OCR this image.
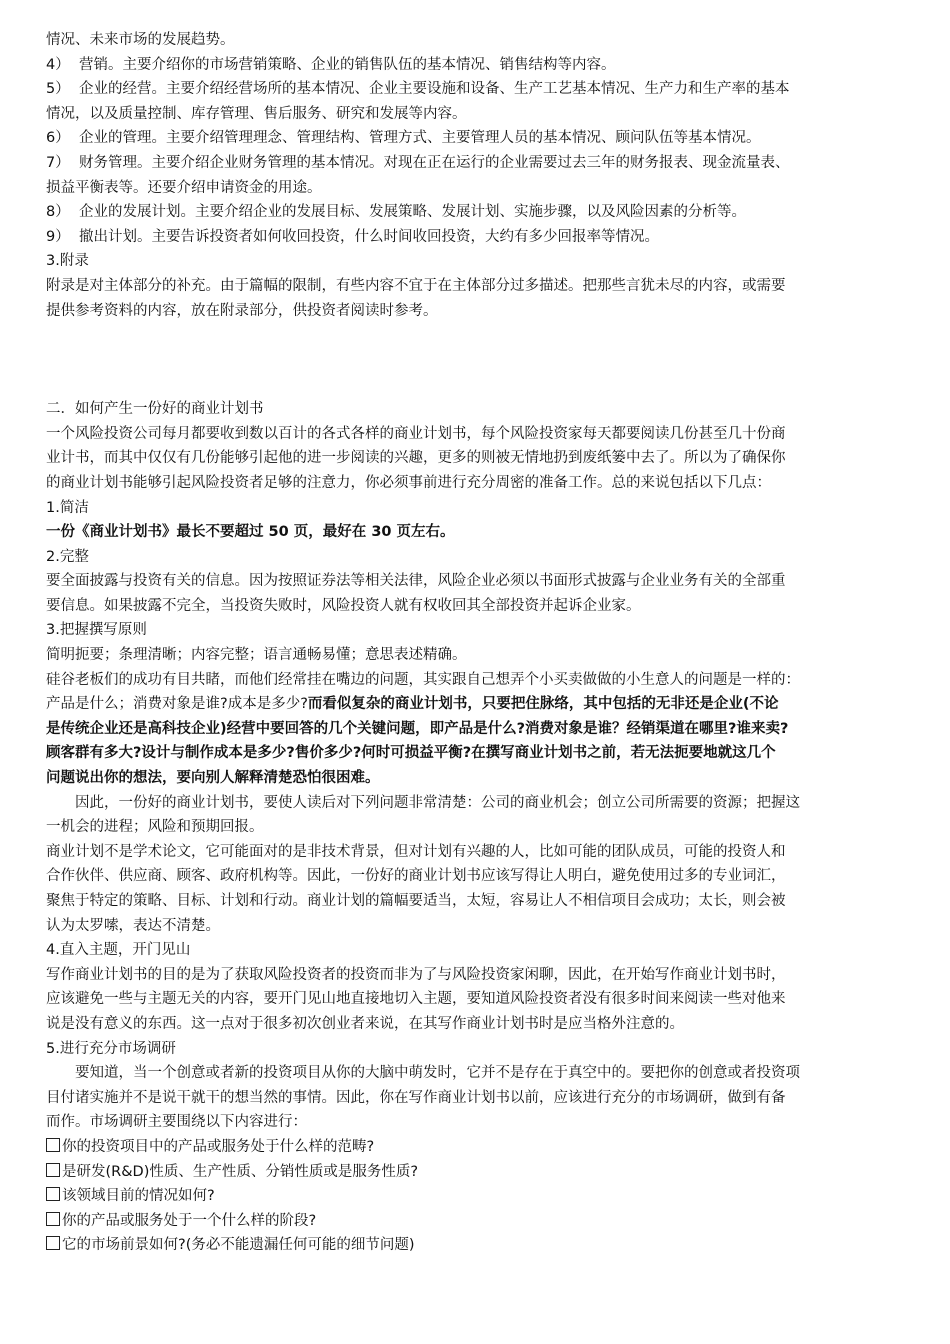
情况、未来市场的发展趋势。
4） 营销。主要介绍你的市场营销策略、企业的销售队伍的基本情况、销售结构等内容。
5） 企业的经营。主要介绍经营场所的基本情况、企业主要设施和设备、生产工艺基本情况、生产力和生产率的基本
情况，以及质量控制、库存管理、售后服务、研究和发展等内容。
6） 企业的管理。主要介绍管理理念、管理结构、管理方式、主要管理人员的基本情况、顾问队伍等基本情况。
7） 财务管理。主要介绍企业财务管理的基本情况。对现在正在运行的企业需要过去三年的财务报表、现金流量表、
损益平衡表等。还要介绍申请资金的用途。
8） 企业的发展计划。主要介绍企业的发展目标、发展策略、发展计划、实施步骤，以及风险因素的分析等。
9） 撤出计划。主要告诉投资者如何收回投资，什么时间收回投资，大约有多少回报率等情况。
3.附录
附录是对主体部分的补充。由于篇幅的限制，有些内容不宜于在主体部分过多描述。把那些言犹未尽的内容，或需要
提供参考资料的内容，放在附录部分，供投资者阅读时参考。
二．如何产生一份好的商业计划书
一个风险投资公司每月都要收到数以百计的各式各样的商业计划书，每个风险投资家每天都要阅读几份甚至几十份商
业计书，而其中仅仅有几份能够引起他的进一步阅读的兴趣，更多的则被无情地扔到废纸篓中去了。所以为了确保你
的商业计划书能够引起风险投资者足够的注意力，你必须事前进行充分周密的准备工作。总的来说包括以下几点：
1.简洁
一份《商业计划书》最长不要超过 50 页，最好在 30 页左右。
2.完整
要全面披露与投资有关的信息。因为按照证券法等相关法律，风险企业必须以书面形式披露与企业业务有关的全部重
要信息。如果披露不完全，当投资失败时，风险投资人就有权收回其全部投资并起诉企业家。
3.把握撰写原则
简明扼要；条理清晰；内容完整；语言通畅易懂；意思表述精确。
硅谷老板们的成功有目共睹，而他们经常挂在嘴边的问题，其实跟自己想弄个小买卖做做的小生意人的问题是一样的：
产品是什么；消费对象是谁?成本是多少?而看似复杂的商业计划书，只要把住脉络，其中包括的无非还是企业(不论
是传统企业还是高科技企业)经营中要回答的几个关键问题，即产品是什么?消费对象是谁？经销渠道在哪里?谁来卖?
顾客群有多大?设计与制作成本是多少?售价多少?何时可损益平衡?在撰写商业计划书之前，若无法扼要地就这几个
问题说出你的想法，要向别人解释清楚恐怕很困难。
因此，一份好的商业计划书，要使人读后对下列问题非常清楚：公司的商业机会；创立公司所需要的资源；把握这
一机会的进程；风险和预期回报。
商业计划不是学术论文，它可能面对的是非技术背景，但对计划有兴趣的人，比如可能的团队成员，可能的投资人和
合作伙伴、供应商、顾客、政府机构等。因此，一份好的商业计划书应该写得让人明白，避免使用过多的专业词汇，
聚焦于特定的策略、目标、计划和行动。商业计划的篇幅要适当，太短，容易让人不相信项目会成功；太长，则会被
认为太罗嗦，表达不清楚。
4.直入主题，开门见山
写作商业计划书的目的是为了获取风险投资者的投资而非为了与风险投资家闲聊，因此，在开始写作商业计划书时，
应该避免一些与主题无关的内容，要开门见山地直接地切入主题，要知道风险投资者没有很多时间来阅读一些对他来
说是没有意义的东西。这一点对于很多初次创业者来说，在其写作商业计划书时是应当格外注意的。
5.进行充分市场调研
要知道，当一个创意或者新的投资项目从你的大脑中萌发时，它并不是存在于真空中的。要把你的创意或者投资项
目付诸实施并不是说干就干的想当然的事情。因此，你在写作商业计划书以前，应该进行充分的市场调研，做到有备
而作。市场调研主要围绕以下内容进行：
你的投资项目中的产品或服务处于什么样的范畴?
是研发(R&D)性质、生产性质、分销性质或是服务性质?
该领域目前的情况如何?
你的产品或服务处于一个什么样的阶段?
它的市场前景如何?(务必不能遗漏任何可能的细节问题)
